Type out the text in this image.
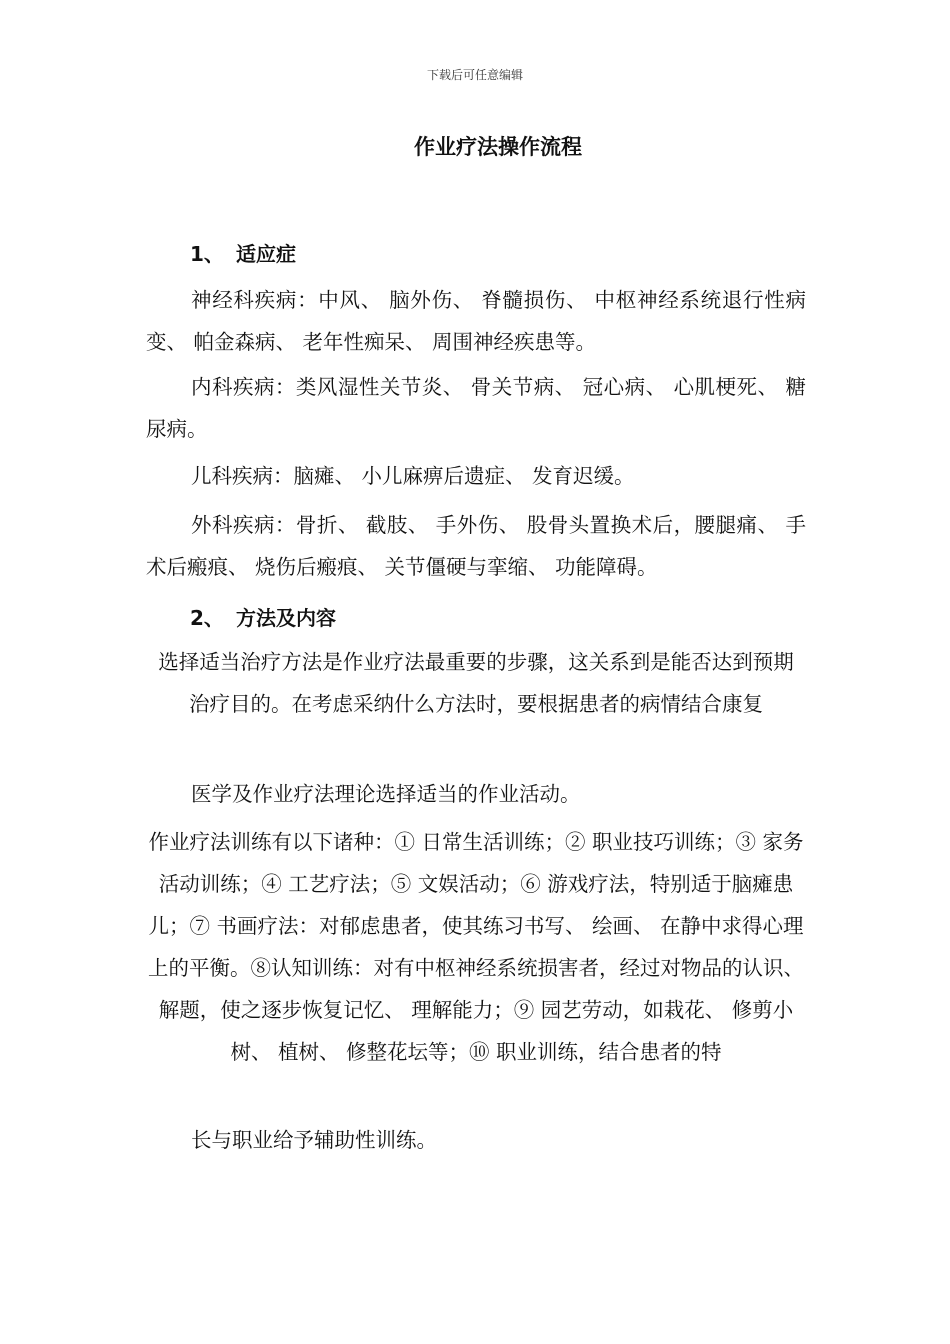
下载后可任意编辑
作业疗法操作流程
1、 适应症
神经科疾病：中风、 脑外伤、 脊髓损伤、 中枢神经系统退行性病变、 帕金森病、 老年性痴呆、 周围神经疾患等。
内科疾病：类风湿性关节炎、 骨关节病、 冠心病、 心肌梗死、 糖尿病。
儿科疾病：脑瘫、 小儿麻痹后遗症、 发育迟缓。
外科疾病：骨折、 截肢、 手外伤、 股骨头置换术后，腰腿痛、 手术后瘢痕、 烧伤后瘢痕、 关节僵硬与挛缩、 功能障碍。
2、 方法及内容
选择适当治疗方法是作业疗法最重要的步骤，这关系到是能否达到预期治疗目的。在考虑采纳什么方法时，要根据患者的病情结合康复
医学及作业疗法理论选择适当的作业活动。
作业疗法训练有以下诸种：① 日常生活训练；② 职业技巧训练；③ 家务活动训练；④ 工艺疗法；⑤ 文娱活动；⑥ 游戏疗法，特别适于脑瘫患儿；⑦ 书画疗法：对郁虑患者，使其练习书写、 绘画、 在静中求得心理上的平衡。⑧认知训练：对有中枢神经系统损害者，经过对物品的认识、 解题，使之逐步恢复记忆、 理解能力；⑨ 园艺劳动，如栽花、 修剪小树、 植树、 修整花坛等；⑩ 职业训练，结合患者的特
长与职业给予辅助性训练。
